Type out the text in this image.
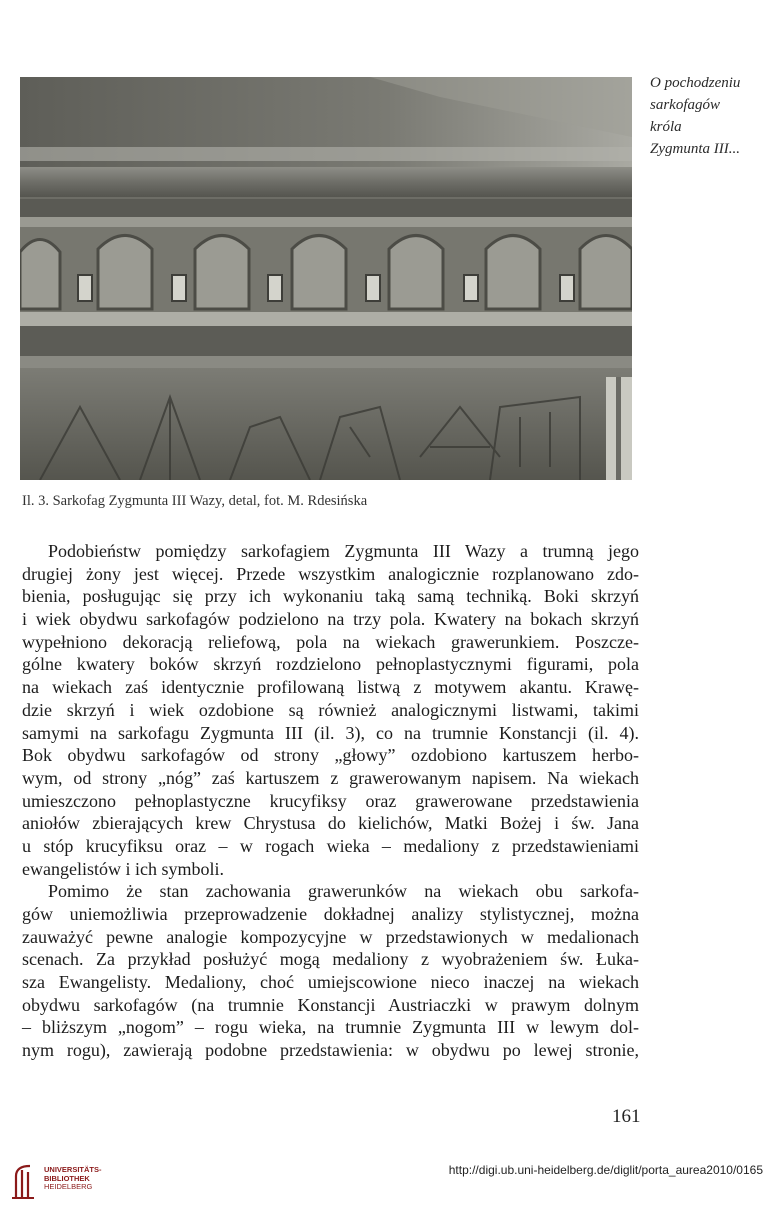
O pochodzeniu
sarkofagów
króla
Zygmunta III...
Il. 3. Sarkofag Zygmunta III Wazy, detal, fot. M. Rdesińska
Podobieństw pomiędzy sarkofagiem Zygmunta III Wazy a trumną jego
drugiej żony jest więcej. Przede wszystkim analogicznie rozplanowano zdo-
bienia, posługując się przy ich wykonaniu taką samą techniką. Boki skrzyń
i wiek obydwu sarkofagów podzielono na trzy pola. Kwatery na bokach skrzyń
wypełniono dekoracją reliefową, pola na wiekach grawerunkiem. Poszcze-
gólne kwatery boków skrzyń rozdzielono pełnoplastycznymi figurami, pola
na wiekach zaś identycznie profilowaną listwą z motywem akantu. Krawę-
dzie skrzyń i wiek ozdobione są również analogicznymi listwami, takimi
samymi na sarkofagu Zygmunta III (il. 3), co na trumnie Konstancji (il. 4).
Bok obydwu sarkofagów od strony „głowy” ozdobiono kartuszem herbo-
wym, od strony „nóg” zaś kartuszem z grawerowanym napisem. Na wiekach
umieszczono pełnoplastyczne krucyfiksy oraz grawerowane przedstawienia
aniołów zbierających krew Chrystusa do kielichów, Matki Bożej i św. Jana
u stóp krucyfiksu oraz – w rogach wieka – medaliony z przedstawieniami
ewangelistów i ich symboli.
Pomimo że stan zachowania grawerunków na wiekach obu sarkofa-
gów uniemożliwia przeprowadzenie dokładnej analizy stylistycznej, można
zauważyć pewne analogie kompozycyjne w przedstawionych w medalionach
scenach. Za przykład posłużyć mogą medaliony z wyobrażeniem św. Łuka-
sza Ewangelisty. Medaliony, choć umiejscowione nieco inaczej na wiekach
obydwu sarkofagów (na trumnie Konstancji Austriaczki w prawym dolnym
– bliższym „nogom” – rogu wieka, na trumnie Zygmunta III w lewym dol-
nym rogu), zawierają podobne przedstawienia: w obydwu po lewej stronie,
161
UNIVERSITÄTS-
BIBLIOTHEK
HEIDELBERG
http://digi.ub.uni-heidelberg.de/diglit/porta_aurea2010/0165
